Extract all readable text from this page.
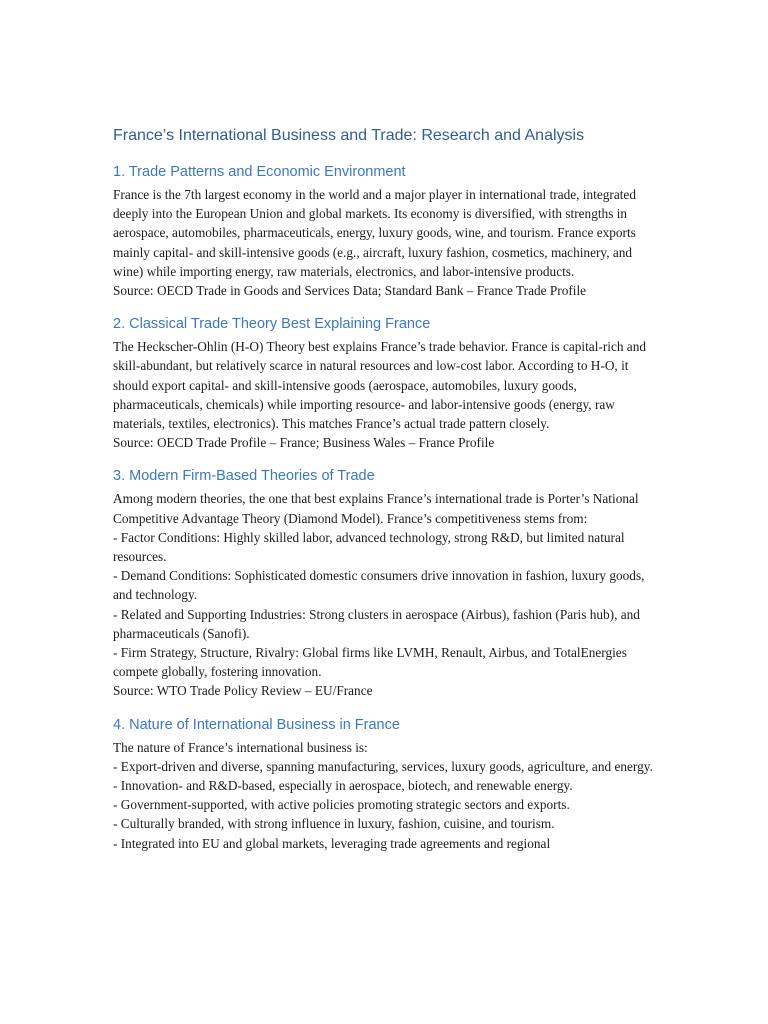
France’s International Business and Trade: Research and Analysis
1. Trade Patterns and Economic Environment

France is the 7th largest economy in the world and a major player in international trade, integrated deeply into the European Union and global markets. Its economy is diversified, with strengths in aerospace, automobiles, pharmaceuticals, energy, luxury goods, wine, and tourism. France exports mainly capital- and skill-intensive goods (e.g., aircraft, luxury fashion, cosmetics, machinery, and wine) while importing energy, raw materials, electronics, and labor-intensive products.

Source: OECD Trade in Goods and Services Data; Standard Bank – France Trade Profile

2. Classical Trade Theory Best Explaining France

The Heckscher-Ohlin (H-O) Theory best explains France’s trade behavior. France is capital-rich and skill-abundant, but relatively scarce in natural resources and low-cost labor. According to H-O, it should export capital- and skill-intensive goods (aerospace, automobiles, luxury goods, pharmaceuticals, chemicals) while importing resource- and labor-intensive goods (energy, raw materials, textiles, electronics). This matches France’s actual trade pattern closely.

Source: OECD Trade Profile – France; Business Wales – France Profile

3. Modern Firm-Based Theories of Trade

Among modern theories, the one that best explains France’s international trade is Porter’s National Competitive Advantage Theory (Diamond Model). France’s competitiveness stems from:

- Factor Conditions: Highly skilled labor, advanced technology, strong R&D, but limited natural resources.

- Demand Conditions: Sophisticated domestic consumers drive innovation in fashion, luxury goods, and technology.

- Related and Supporting Industries: Strong clusters in aerospace (Airbus), fashion (Paris hub), and pharmaceuticals (Sanofi).

- Firm Strategy, Structure, Rivalry: Global firms like LVMH, Renault, Airbus, and TotalEnergies compete globally, fostering innovation.

Source: WTO Trade Policy Review – EU/France

4. Nature of International Business in France

The nature of France’s international business is:

- Export-driven and diverse, spanning manufacturing, services, luxury goods, agriculture, and energy.

- Innovation- and R&D-based, especially in aerospace, biotech, and renewable energy.

- Government-supported, with active policies promoting strategic sectors and exports.

- Culturally branded, with strong influence in luxury, fashion, cuisine, and tourism.

- Integrated into EU and global markets, leveraging trade agreements and regional
